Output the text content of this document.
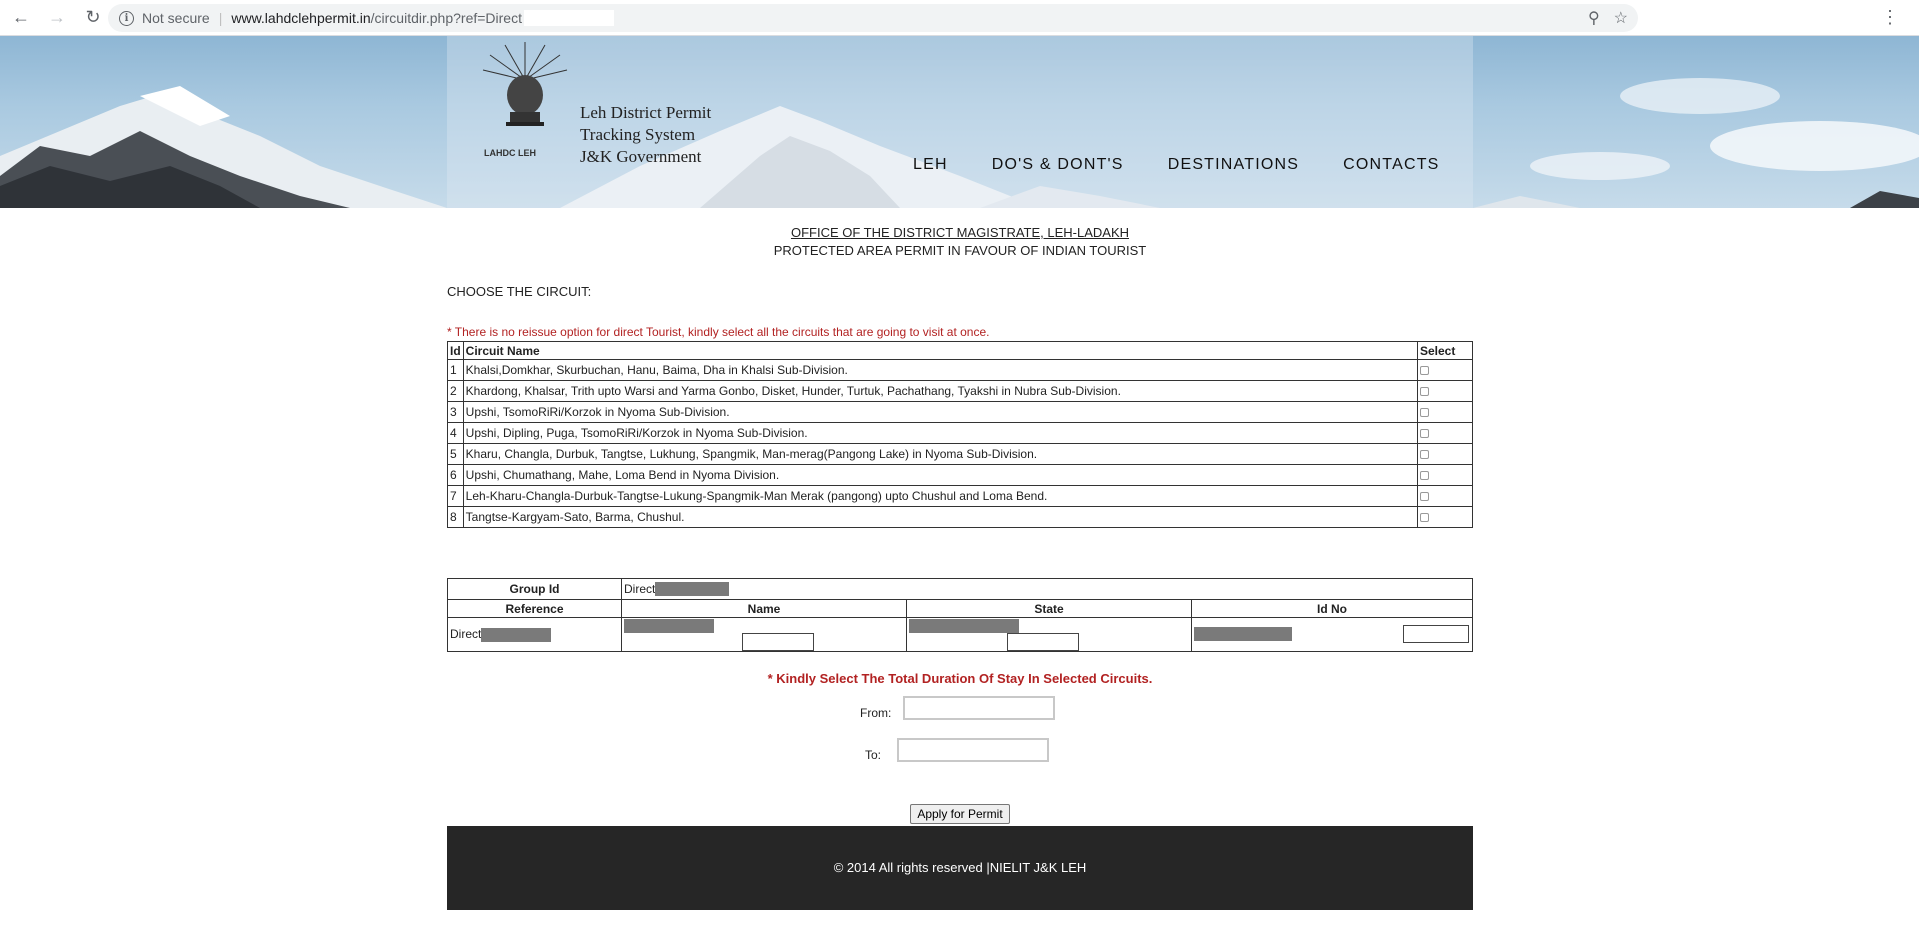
←	→	↻	i Not secure | www.lahdclehpermit.in /circuitdir.php?ref=Direct	⚲ ☆	⋮
LAHDC LEH
Leh District Permit
Tracking System
J&K Government	LEH	DO'S & DONT'S	DESTINATIONS	CONTACTS
OFFICE OF THE DISTRICT MAGISTRATE, LEH-LADAKH
PROTECTED AREA PERMIT IN FAVOUR OF INDIAN TOURIST
CHOOSE THE CIRCUIT:
* There is no reissue option for direct Tourist, kindly select all the circuits that are going to visit at once.
Id	Circuit Name	Select
1	Khalsi,Domkhar, Skurbuchan, Hanu, Baima, Dha in Khalsi Sub-Division.	
2	Khardong, Khalsar, Trith upto Warsi and Yarma Gonbo, Disket, Hunder, Turtuk, Pachathang, Tyakshi in Nubra Sub-Division.	
3	Upshi, TsomoRiRi/Korzok in Nyoma Sub-Division.	
4	Upshi, Dipling, Puga, TsomoRiRi/Korzok in Nyoma Sub-Division.	
5	Kharu, Changla, Durbuk, Tangtse, Lukhung, Spangmik, Man-merag(Pangong Lake) in Nyoma Sub-Division.	
6	Upshi, Chumathang, Mahe, Loma Bend in Nyoma Division.	
7	Leh-Kharu-Changla-Durbuk-Tangtse-Lukung-Spangmik-Man Merak (pangong) upto Chushul and Loma Bend.	
8	Tangtse-Kargyam-Sato, Barma, Chushul.	
Group Id	Direct		
Reference	Name	State	Id No
Direct			
* Kindly Select The Total Duration Of Stay In Selected Circuits.
From:
To:
Apply for Permit
© 2014 All rights reserved |NIELIT J&K LEH
